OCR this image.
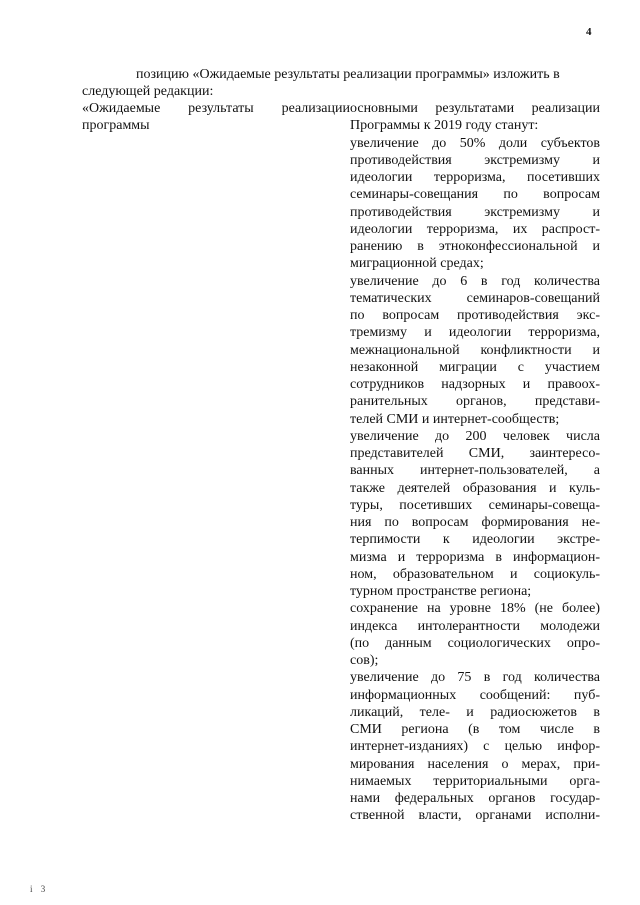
4
позицию «Ожидаемые результаты реализации программы» изложить в
следующей редакции:
«Ожидаемые результаты реализации
программы
основными результатами реализации
Программы к 2019 году станут:
увеличение до 50% доли субъектов
противодействия экстремизму и
идеологии терроризма, посетивших
семинары-совещания по вопросам
противодействия экстремизму и
идеологии терроризма, их распрост-
ранению в этноконфессиональной и
миграционной средах;
увеличение до 6 в год количества
тематических семинаров-совещаний
по вопросам противодействия экс-
тремизму и идеологии терроризма,
межнациональной конфликтности и
незаконной миграции с участием
сотрудников надзорных и правоох-
ранительных органов, представи-
телей СМИ и интернет-сообществ;
увеличение до 200 человек числа
представителей СМИ, заинтересо-
ванных интернет-пользователей, а
также деятелей образования и куль-
туры, посетивших семинары-совеща-
ния по вопросам формирования не-
терпимости к идеологии экстре-
мизма и терроризма в информацион-
ном, образовательном и социокуль-
турном пространстве региона;
сохранение на уровне 18% (не более)
индекса интолерантности молодежи
(по данным социологических опро-
сов);
увеличение до 75 в год количества
информационных сообщений: пуб-
ликаций, теле- и радиосюжетов в
СМИ региона (в том числе в
интернет-изданиях) с целью инфор-
мирования населения о мерах, при-
нимаемых территориальными орга-
нами федеральных органов государ-
ственной власти, органами исполни-
i 3
